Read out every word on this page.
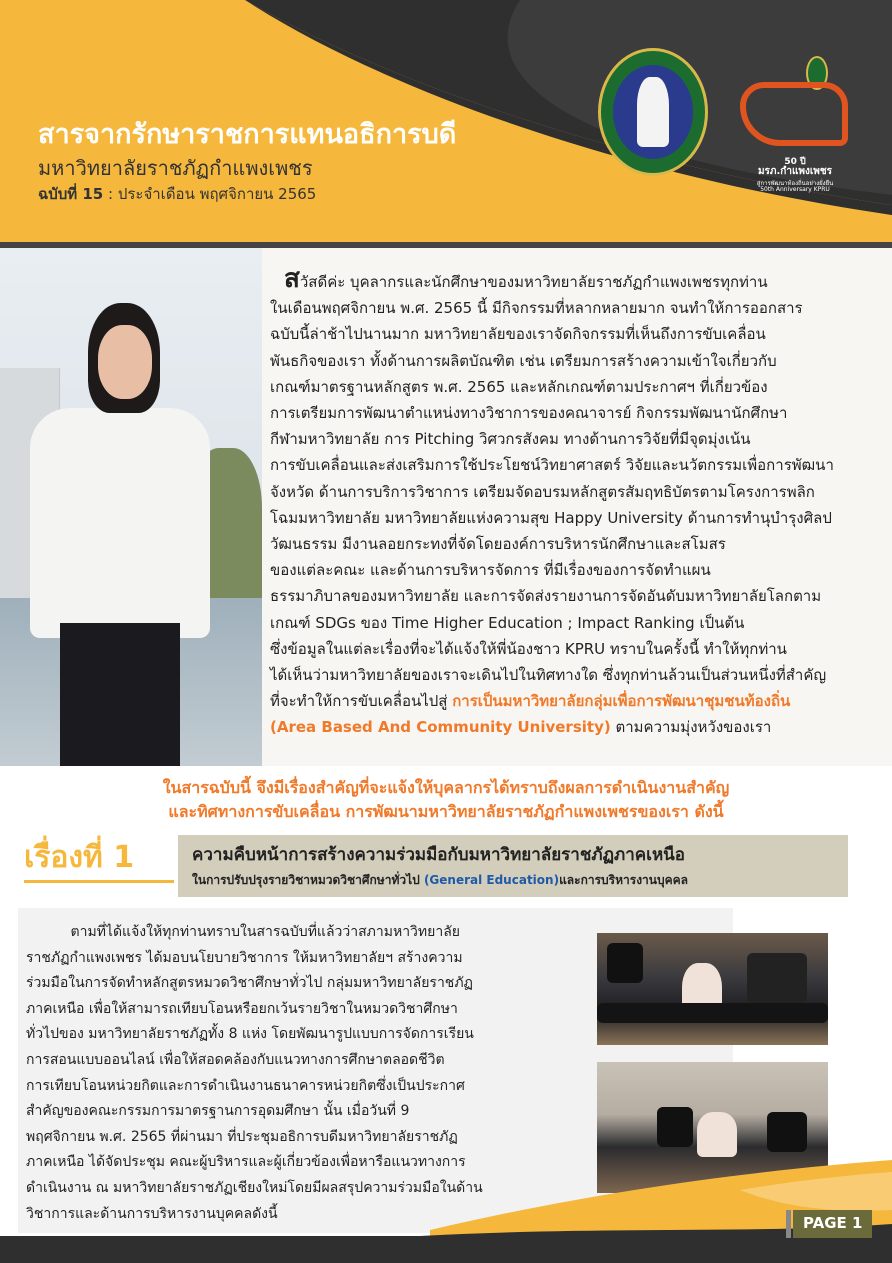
สารจากรักษาราชการแทนอธิการบดี
มหาวิทยาลัยราชภัฏกำแพงเพชร
ฉบับที่ 15 : ประจำเดือน พฤศจิกายน 2565
50 ปี
มรภ.กำแพงเพชร
สู่การพัฒนาท้องถิ่นอย่างยั่งยืน
50th Anniversary KPRU
สวัสดีค่ะ บุคลากรและนักศึกษาของมหาวิทยาลัยราชภัฏกำแพงเพชรทุกท่าน
ในเดือนพฤศจิกายน พ.ศ. 2565 นี้ มีกิจกรรมที่หลากหลายมาก จนทำให้การออกสาร
ฉบับนี้ล่าช้าไปนานมาก มหาวิทยาลัยของเราจัดกิจกรรมที่เห็นถึงการขับเคลื่อน
พันธกิจของเรา ทั้งด้านการผลิตบัณฑิต เช่น เตรียมการสร้างความเข้าใจเกี่ยวกับ
เกณฑ์มาตรฐานหลักสูตร พ.ศ. 2565 และหลักเกณฑ์ตามประกาศฯ ที่เกี่ยวข้อง
การเตรียมการพัฒนาตำแหน่งทางวิชาการของคณาจารย์ กิจกรรมพัฒนานักศึกษา
กีฬามหาวิทยาลัย การ Pitching วิศวกรสังคม ทางด้านการวิจัยที่มีจุดมุ่งเน้น
การขับเคลื่อนและส่งเสริมการใช้ประโยชน์วิทยาศาสตร์ วิจัยและนวัตกรรมเพื่อการพัฒนา
จังหวัด ด้านการบริการวิชาการ เตรียมจัดอบรมหลักสูตรสัมฤทธิบัตรตามโครงการพลิก
โฉมมหาวิทยาลัย มหาวิทยาลัยแห่งความสุข Happy University ด้านการทำนุบำรุงศิลป
วัฒนธรรม มีงานลอยกระทงที่จัดโดยองค์การบริหารนักศึกษาและสโมสร
ของแต่ละคณะ และด้านการบริหารจัดการ ที่มีเรื่องของการจัดทำแผน
ธรรมาภิบาลของมหาวิทยาลัย และการจัดส่งรายงานการจัดอันดับมหาวิทยาลัยโลกตาม
เกณฑ์ SDGs ของ Time Higher Education ; Impact Ranking เป็นต้น
ซึ่งข้อมูลในแต่ละเรื่องที่จะได้แจ้งให้พี่น้องชาว KPRU ทราบในครั้งนี้ ทำให้ทุกท่าน
ได้เห็นว่ามหาวิทยาลัยของเราจะเดินไปในทิศทางใด ซึ่งทุกท่านล้วนเป็นส่วนหนึ่งที่สำคัญ
ที่จะทำให้การขับเคลื่อนไปสู่ การเป็นมหาวิทยาลัยกลุ่มเพื่อการพัฒนาชุมชนท้องถิ่น
(Area Based And Community University) ตามความมุ่งหวังของเรา
ในสารฉบับนี้ จึงมีเรื่องสำคัญที่จะแจ้งให้บุคลากรได้ทราบถึงผลการดำเนินงานสำคัญ
และทิศทางการขับเคลื่อน การพัฒนามหาวิทยาลัยราชภัฏกำแพงเพชรของเรา ดังนี้
เรื่องที่ 1	ความคืบหน้าการสร้างความร่วมมือกับมหาวิทยาลัยราชภัฏภาคเหนือ
ในการปรับปรุงรายวิชาหมวดวิชาศึกษาทั่วไป (General Education)และการบริหารงานบุคคล
ตามที่ได้แจ้งให้ทุกท่านทราบในสารฉบับที่แล้วว่าสภามหาวิทยาลัย
ราชภัฏกำแพงเพชร ได้มอบนโยบายวิชาการ ให้มหาวิทยาลัยฯ สร้างความ
ร่วมมือในการจัดทำหลักสูตรหมวดวิชาศึกษาทั่วไป กลุ่มมหาวิทยาลัยราชภัฏ
ภาคเหนือ เพื่อให้สามารถเทียบโอนหรือยกเว้นรายวิชาในหมวดวิชาศึกษา
ทั่วไปของ มหาวิทยาลัยราชภัฏทั้ง 8 แห่ง โดยพัฒนารูปแบบการจัดการเรียน
การสอนแบบออนไลน์ เพื่อให้สอดคล้องกับแนวทางการศึกษาตลอดชีวิต
การเทียบโอนหน่วยกิตและการดำเนินงานธนาคารหน่วยกิตซึ่งเป็นประกาศ
สำคัญของคณะกรรมการมาตรฐานการอุดมศึกษา นั้น เมื่อวันที่ 9
พฤศจิกายน พ.ศ. 2565 ที่ผ่านมา ที่ประชุมอธิการบดีมหาวิทยาลัยราชภัฏ
ภาคเหนือ ได้จัดประชุม คณะผู้บริหารและผู้เกี่ยวข้องเพื่อหารือแนวทางการ
ดำเนินงาน ณ มหาวิทยาลัยราชภัฏเชียงใหม่โดยมีผลสรุปความร่วมมือในด้าน
วิชาการและด้านการบริหารงานบุคคลดังนี้
PAGE 1
